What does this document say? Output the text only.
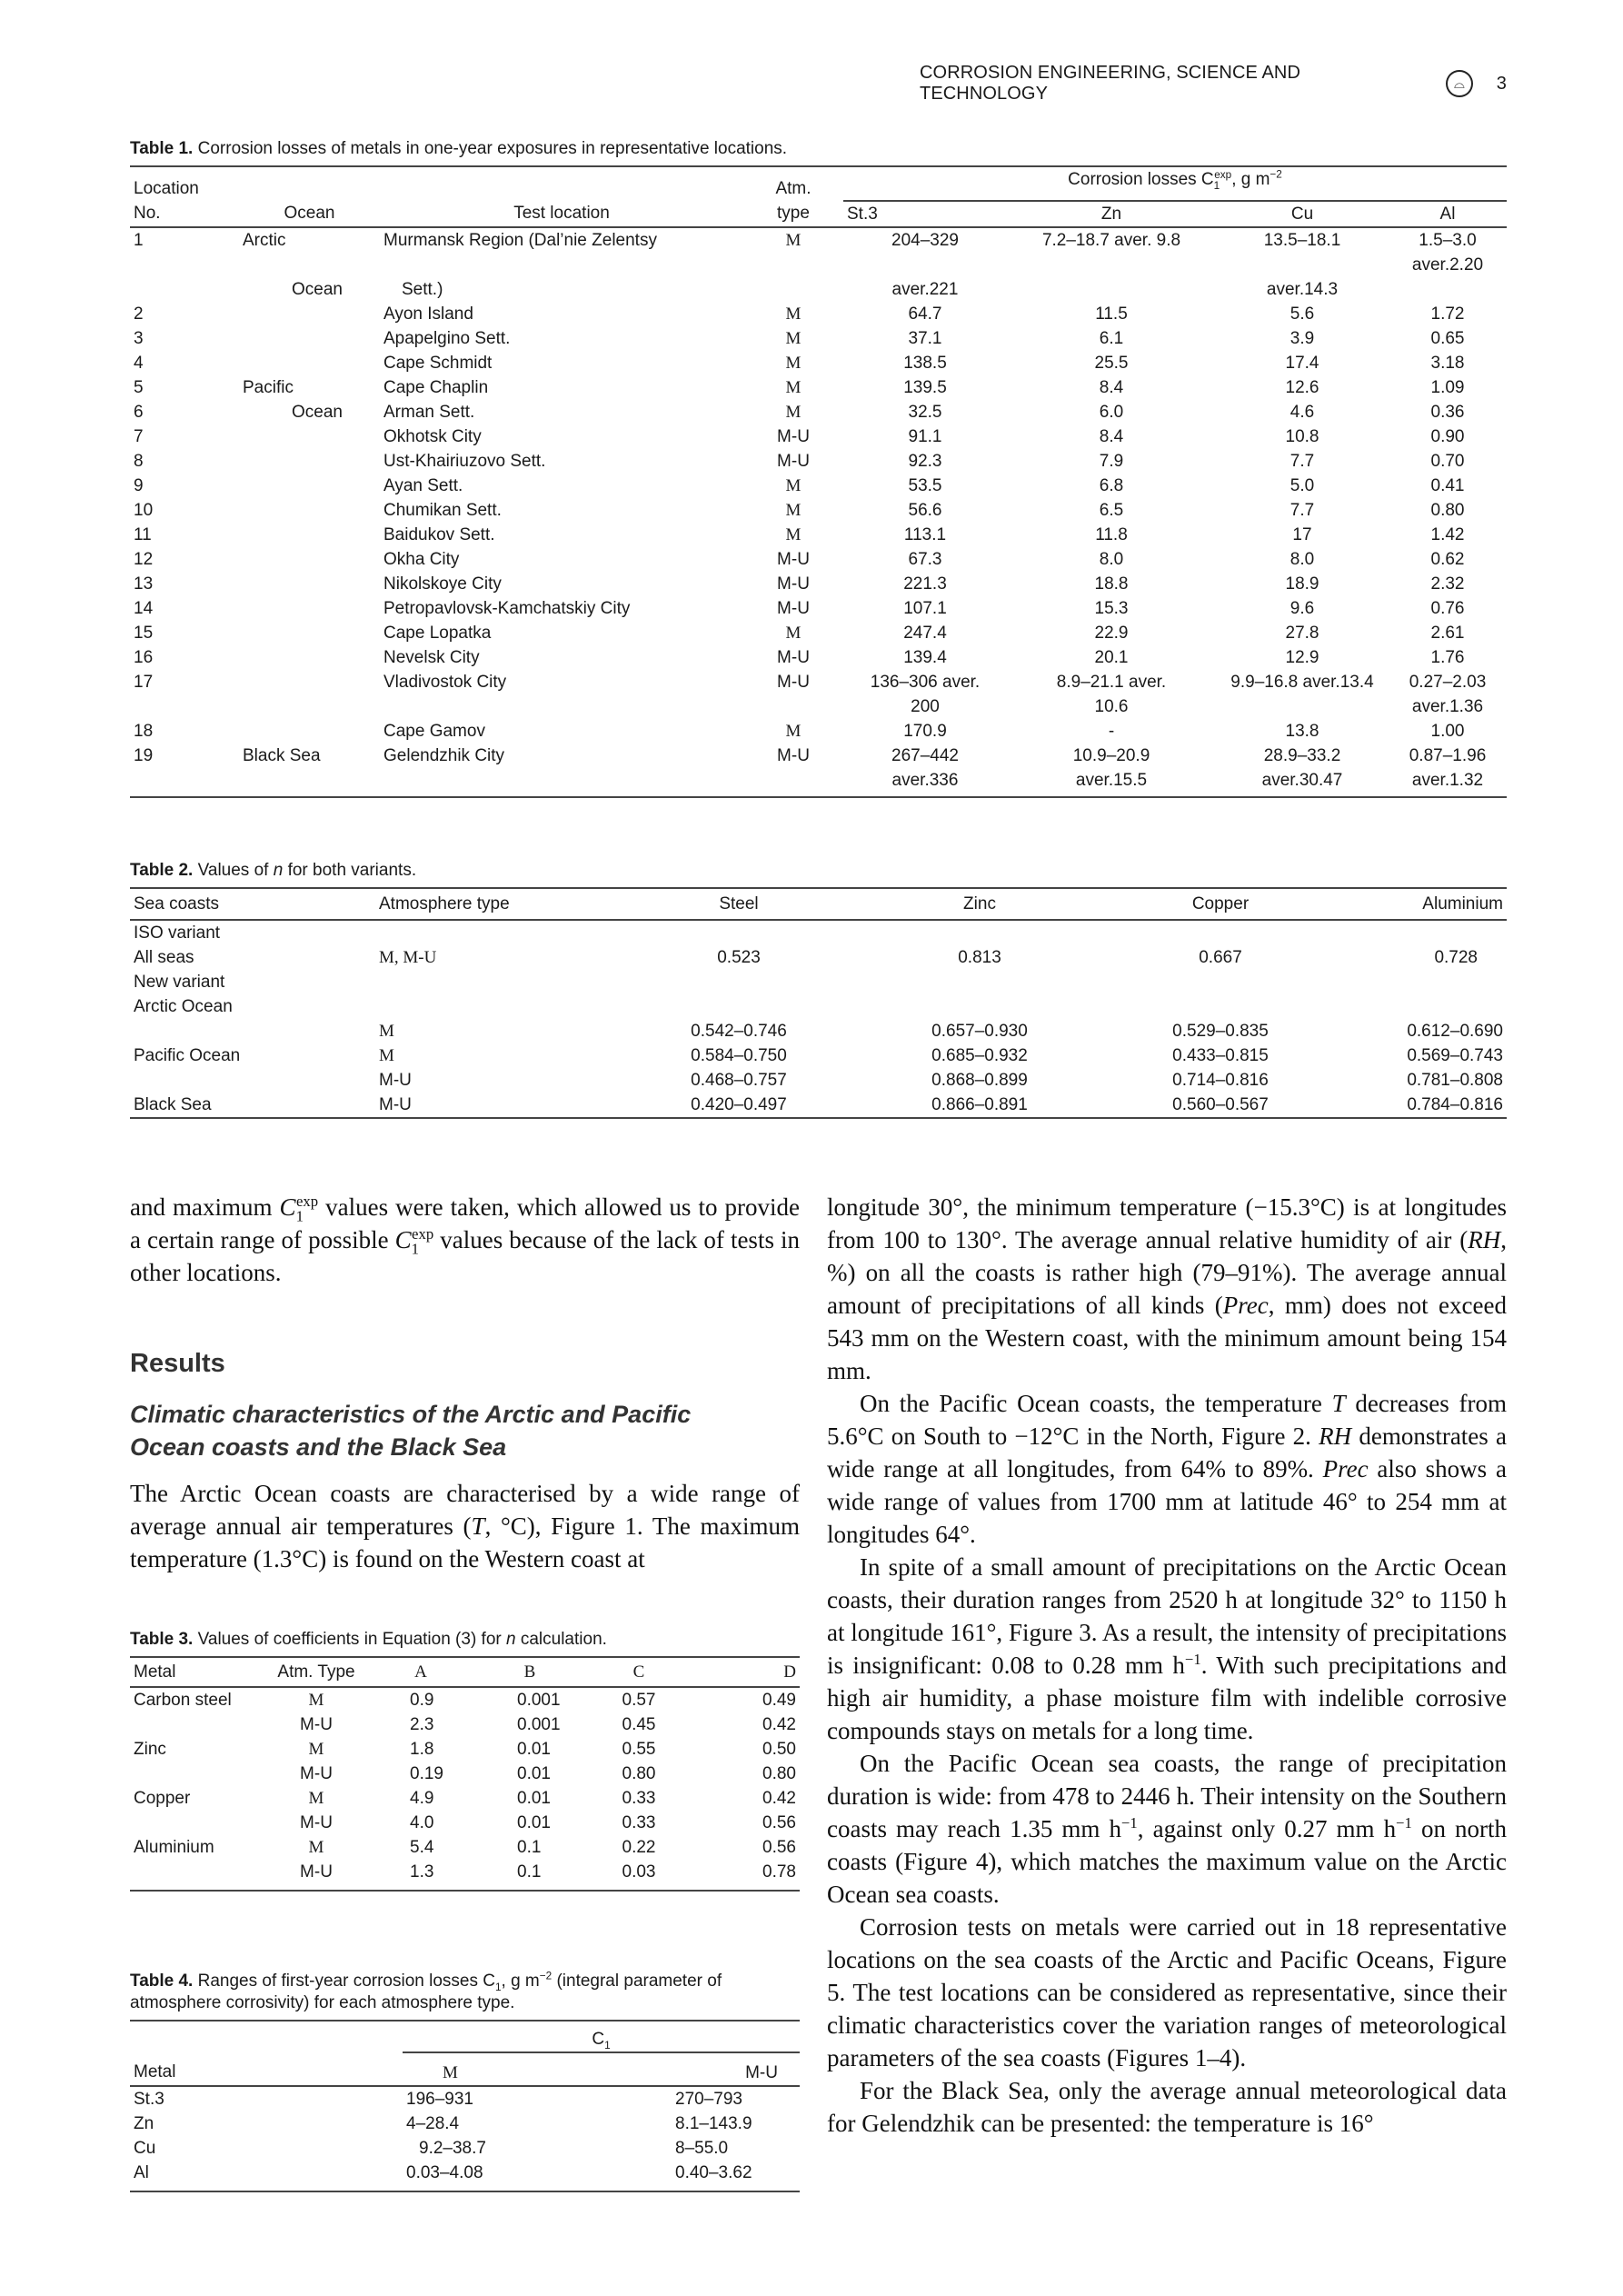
CORROSION ENGINEERING, SCIENCE AND TECHNOLOGY	⌓	3
Table 1. Corrosion losses of metals in one-year exposures in representative locations.
Location			Atm.	Corrosion losses $C_1^{exp}$, g $m^{-2}$
No.	Ocean	Test location	type	St.3	Zn	Cu	Al
1	Arctic	Murmansk Region (Dal’nie Zelentsy	M	204–329	7.2–18.7 aver. 9.8	13.5–18.1	1.5–3.0 aver.2.20
	Ocean	Sett.)		aver.221		aver.14.3	
2		Ayon Island	M	64.7	11.5	5.6	1.72
3		Apapelgino Sett.	M	37.1	6.1	3.9	0.65
4		Cape Schmidt	M	138.5	25.5	17.4	3.18
5	Pacific	Cape Chaplin	M	139.5	8.4	12.6	1.09
6	Ocean	Arman Sett.	M	32.5	6.0	4.6	0.36
7		Okhotsk City	M-U	91.1	8.4	10.8	0.90
8		Ust-Khairiuzovo Sett.	M-U	92.3	7.9	7.7	0.70
9		Ayan Sett.	M	53.5	6.8	5.0	0.41
10		Chumikan Sett.	M	56.6	6.5	7.7	0.80
11		Baidukov Sett.	M	113.1	11.8	17	1.42
12		Okha City	M-U	67.3	8.0	8.0	0.62
13		Nikolskoye City	M-U	221.3	18.8	18.9	2.32
14		Petropavlovsk-Kamchatskiy City	M-U	107.1	15.3	9.6	0.76
15		Cape Lopatka	M	247.4	22.9	27.8	2.61
16		Nevelsk City	M-U	139.4	20.1	12.9	1.76
17		Vladivostok City	M-U	136–306 aver.	8.9–21.1 aver.	9.9–16.8 aver.13.4	0.27–2.03
				200	10.6		aver.1.36
18		Cape Gamov	M	170.9	-	13.8	1.00
19	Black Sea	Gelendzhik City	M-U	267–442	10.9–20.9	28.9–33.2	0.87–1.96
				aver.336	aver.15.5	aver.30.47	aver.1.32

Table 2. Values of n for both variants.
Sea coasts	Atmosphere type	Steel	Zinc	Copper	Aluminium
ISO variant					
All seas	M, M-U	0.523	0.813	0.667	0.728
New variant					
Arctic Ocean					
	M	0.542–0.746	0.657–0.930	0.529–0.835	0.612–0.690
Pacific Ocean	M	0.584–0.750	0.685–0.932	0.433–0.815	0.569–0.743
	M-U	0.468–0.757	0.868–0.899	0.714–0.816	0.781–0.808
Black Sea	M-U	0.420–0.497	0.866–0.891	0.560–0.567	0.784–0.816

and maximum $C_1^{exp}$ values were taken, which allowed us to provide a certain range of possible $C_1^{exp}$ values because of the lack of tests in other locations.

Results
Climatic characteristics of the Arctic and Pacific Ocean coasts and the Black Sea

The Arctic Ocean coasts are characterised by a wide range of average annual air temperatures (T, °C), Figure 1. The maximum temperature (1.3°C) is found on the Western coast at

Table 3. Values of coefficients in Equation (3) for n calculation.
Metal	Atm. Type	A	B	C	D
Carbon steel	M	0.9	0.001	0.57	0.49
	M-U	2.3	0.001	0.45	0.42
Zinc	M	1.8	0.01	0.55	0.50
	M-U	0.19	0.01	0.80	0.80
Copper	M	4.9	0.01	0.33	0.42
	M-U	4.0	0.01	0.33	0.56
Aluminium	M	5.4	0.1	0.22	0.56
	M-U	1.3	0.1	0.03	0.78

Table 4. Ranges of first-year corrosion losses $C_1$, g $m^{-2}$ (integral parameter of atmosphere corrosivity) for each atmosphere type.
	$C_1$
Metal	M	M-U
St.3	196–931	270–793
Zn	4–28.4	8.1–143.9
Cu	9.2–38.7	8–55.0
Al	0.03–4.08	0.40–3.62

longitude 30°, the minimum temperature (−15.3°C) is at longitudes from 100 to 130°. The average annual relative humidity of air (RH, %) on all the coasts is rather high (79–91%). The average annual amount of precipitations of all kinds (Prec, mm) does not exceed 543 mm on the Western coast, with the minimum amount being 154 mm.

On the Pacific Ocean coasts, the temperature T decreases from 5.6°C on South to −12°C in the North, Figure 2. RH demonstrates a wide range at all longitudes, from 64% to 89%. Prec also shows a wide range of values from 1700 mm at latitude 46° to 254 mm at longitudes 64°.

In spite of a small amount of precipitations on the Arctic Ocean coasts, their duration ranges from 2520 h at longitude 32° to 1150 h at longitude 161°, Figure 3. As a result, the intensity of precipitations is insignificant: 0.08 to 0.28 mm $h^{-1}$. With such precipitations and high air humidity, a phase moisture film with indelible corrosive compounds stays on metals for a long time.

On the Pacific Ocean sea coasts, the range of precipitation duration is wide: from 478 to 2446 h. Their intensity on the Southern coasts may reach 1.35 mm $h^{-1}$, against only 0.27 mm $h^{-1}$ on north coasts (Figure 4), which matches the maximum value on the Arctic Ocean sea coasts.

Corrosion tests on metals were carried out in 18 representative locations on the sea coasts of the Arctic and Pacific Oceans, Figure 5. The test locations can be considered as representative, since their climatic characteristics cover the variation ranges of meteorological parameters of the sea coasts (Figures 1–4).

For the Black Sea, only the average annual meteorological data for Gelendzhik can be presented: the temperature is 16°
